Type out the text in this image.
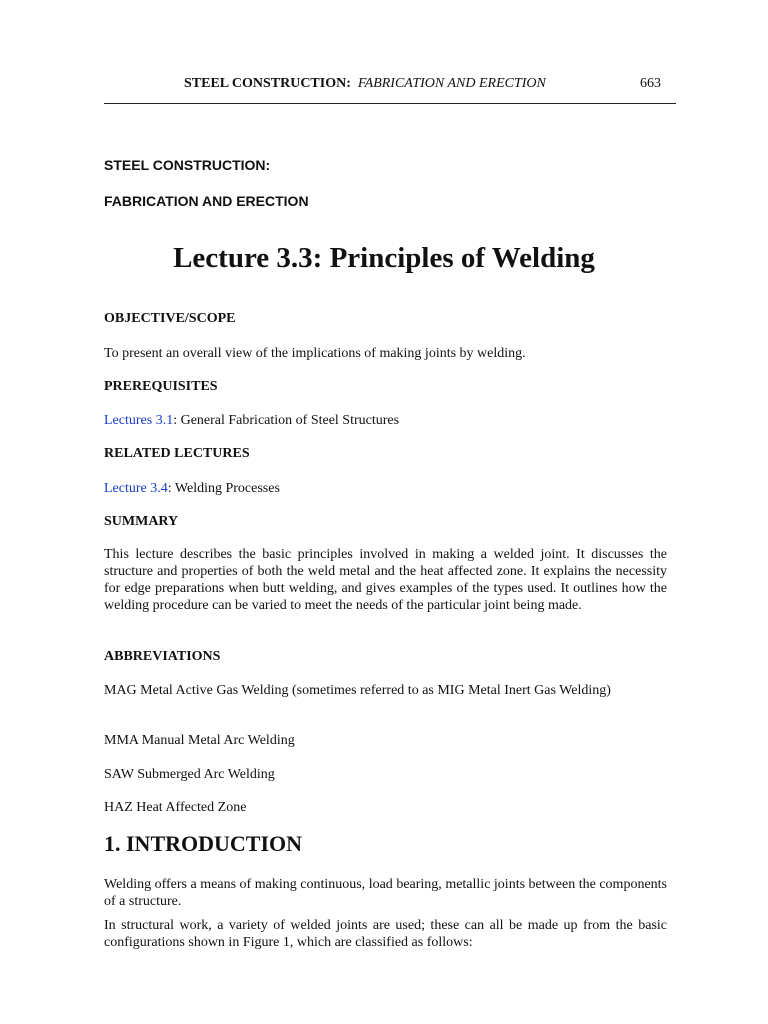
STEEL CONSTRUCTION: FABRICATION AND ERECTION	663
STEEL CONSTRUCTION:
FABRICATION AND ERECTION
Lecture 3.3: Principles of Welding
OBJECTIVE/SCOPE
To present an overall view of the implications of making joints by welding.
PREREQUISITES
Lectures 3.1: General Fabrication of Steel Structures
RELATED LECTURES
Lecture 3.4: Welding Processes
SUMMARY
This lecture describes the basic principles involved in making a welded joint. It discusses the structure and properties of both the weld metal and the heat affected zone. It explains the necessity for edge preparations when butt welding, and gives examples of the types used. It outlines how the welding procedure can be varied to meet the needs of the particular joint being made.
ABBREVIATIONS
MAG Metal Active Gas Welding (sometimes referred to as MIG Metal Inert Gas Welding)
MMA Manual Metal Arc Welding
SAW Submerged Arc Welding
HAZ Heat Affected Zone
1. INTRODUCTION
Welding offers a means of making continuous, load bearing, metallic joints between the components of a structure.
In structural work, a variety of welded joints are used; these can all be made up from the basic configurations shown in Figure 1, which are classified as follows:
